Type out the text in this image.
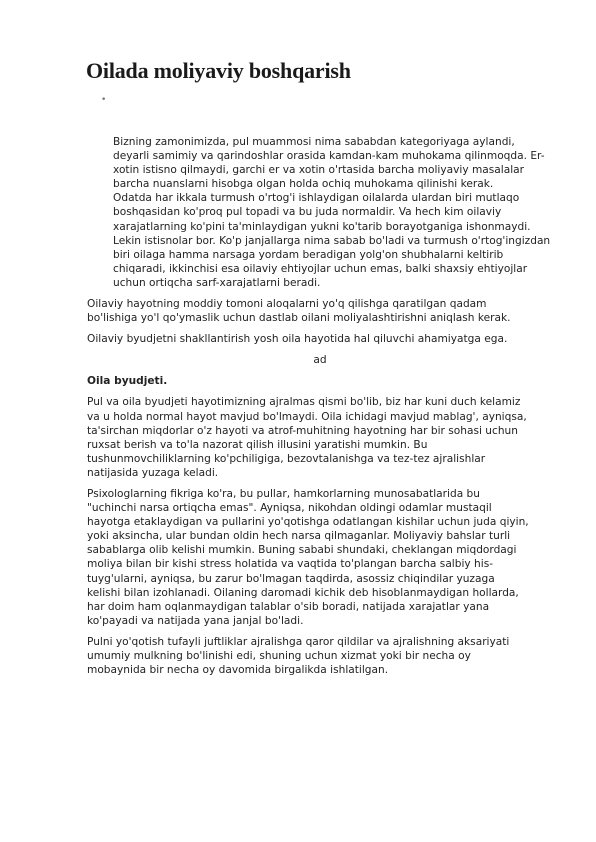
Oilada moliyaviy boshqarish
•

Bizning zamonimizda, pul muammosi nima sababdan kategoriyaga aylandi,
deyarli samimiy va qarindoshlar orasida kamdan-kam muhokama qilinmoqda. Er-
xotin istisno qilmaydi, garchi er va xotin o'rtasida barcha moliyaviy masalalar
barcha nuanslarni hisobga olgan holda ochiq muhokama qilinishi kerak.
Odatda har ikkala turmush o'rtog'i ishlaydigan oilalarda ulardan biri mutlaqo
boshqasidan ko'proq pul topadi va bu juda normaldir. Va hech kim oilaviy
xarajatlarning ko'pini ta'minlaydigan yukni ko'tarib borayotganiga ishonmaydi.
Lekin istisnolar bor. Ko'p janjallarga nima sabab bo'ladi va turmush o'rtog'ingizdan
biri oilaga hamma narsaga yordam beradigan yolg'on shubhalarni keltirib
chiqaradi, ikkinchisi esa oilaviy ehtiyojlar uchun emas, balki shaxsiy ehtiyojlar
uchun ortiqcha sarf-xarajatlarni beradi.

Oilaviy hayotning moddiy tomoni aloqalarni yo'q qilishga qaratilgan qadam
bo'lishiga yo'l qo'ymaslik uchun dastlab oilani moliyalashtirishni aniqlash kerak.

Oilaviy byudjetni shakllantirish yosh oila hayotida hal qiluvchi ahamiyatga ega.

ad

Oila byudjeti.

Pul va oila byudjeti hayotimizning ajralmas qismi bo'lib, biz har kuni duch kelamiz
va u holda normal hayot mavjud bo'lmaydi. Oila ichidagi mavjud mablag', ayniqsa,
ta'sirchan miqdorlar o'z hayoti va atrof-muhitning hayotning har bir sohasi uchun
ruxsat berish va to'la nazorat qilish illusini yaratishi mumkin. Bu
tushunmovchiliklarning ko'pchiligiga, bezovtalanishga va tez-tez ajralishlar
natijasida yuzaga keladi.

Psixologlarning fikriga ko'ra, bu pullar, hamkorlarning munosabatlarida bu
"uchinchi narsa ortiqcha emas". Ayniqsa, nikohdan oldingi odamlar mustaqil
hayotga etaklaydigan va pullarini yo'qotishga odatlangan kishilar uchun juda qiyin,
yoki aksincha, ular bundan oldin hech narsa qilmaganlar. Moliyaviy bahslar turli
sabablarga olib kelishi mumkin. Buning sababi shundaki, cheklangan miqdordagi
moliya bilan bir kishi stress holatida va vaqtida to'plangan barcha salbiy his-
tuyg'ularni, ayniqsa, bu zarur bo'lmagan taqdirda, asossiz chiqindilar yuzaga
kelishi bilan izohlanadi. Oilaning daromadi kichik deb hisoblanmaydigan hollarda,
har doim ham oqlanmaydigan talablar o'sib boradi, natijada xarajatlar yana
ko'payadi va natijada yana janjal bo'ladi.

Pulni yo'qotish tufayli juftliklar ajralishga qaror qildilar va ajralishning aksariyati
umumiy mulkning bo'linishi edi, shuning uchun xizmat yoki bir necha oy
mobaynida bir necha oy davomida birgalikda ishlatilgan.
